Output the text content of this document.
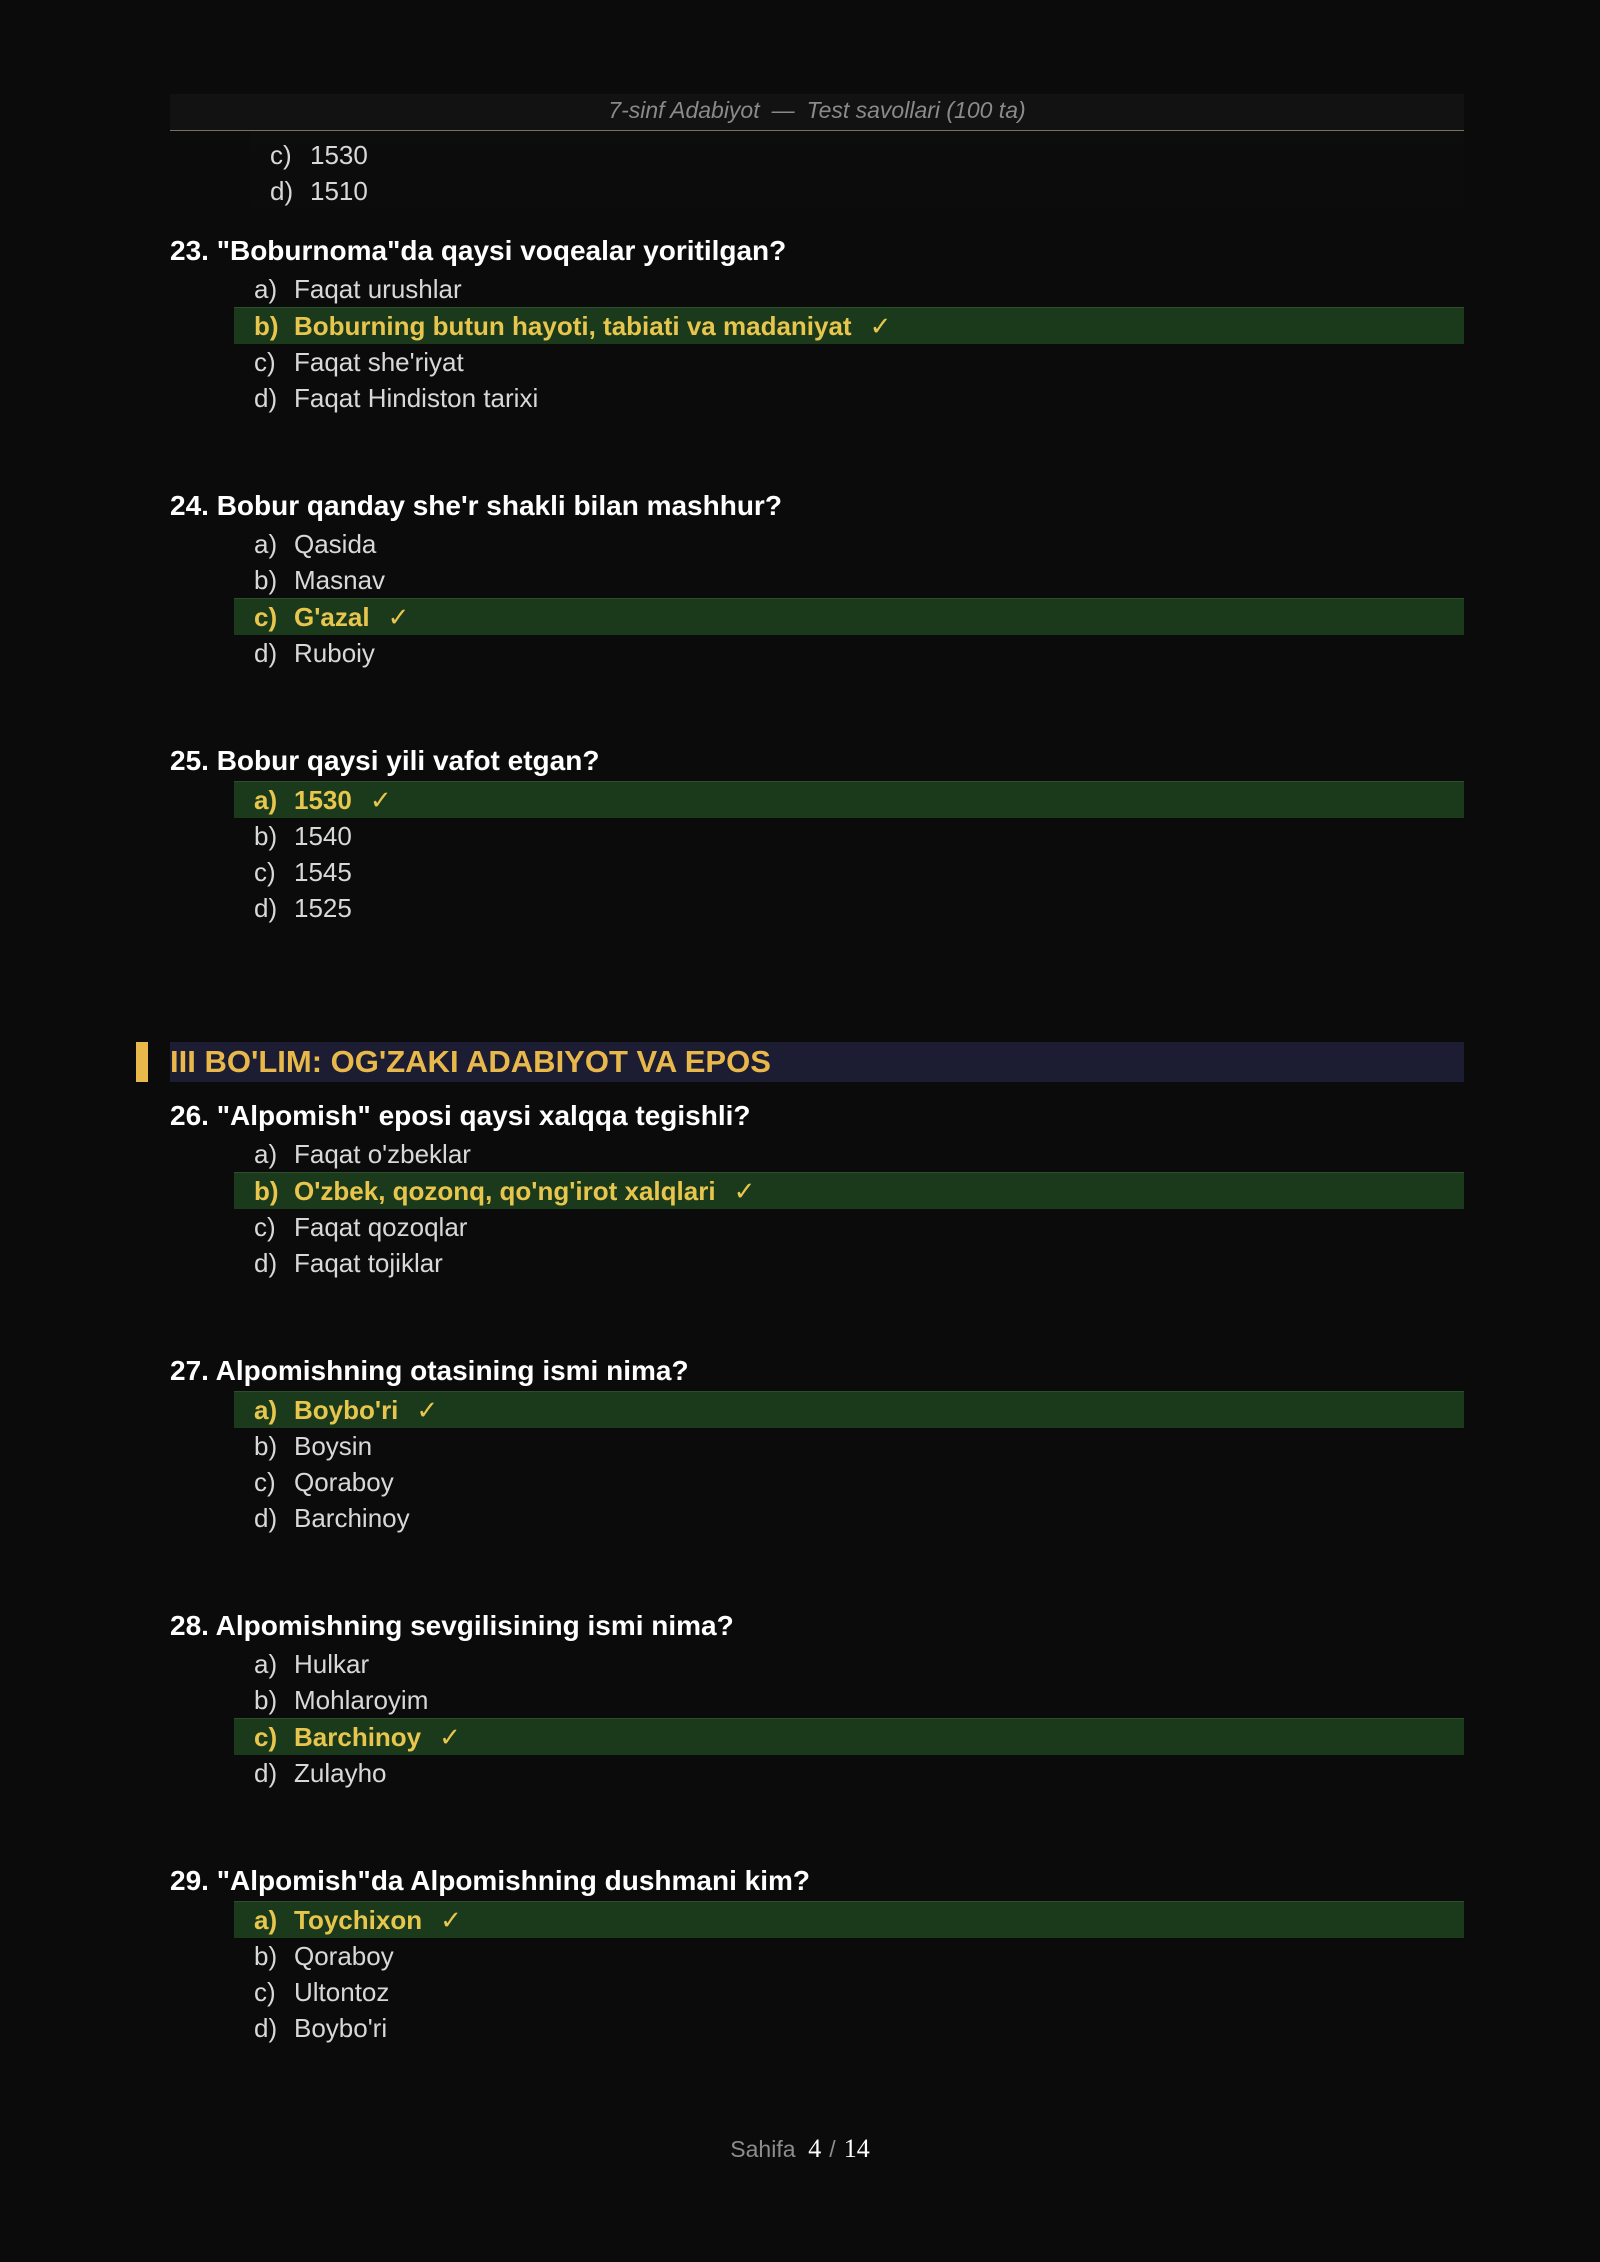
7-sinf Adabiyot — Test savollari (100 ta)
c) 1530
d) 1510
23. "Boburnoma"da qaysi voqealar yoritilgan?
a) Faqat urushlar
b) Boburning butun hayoti, tabiati va madaniyat ✓
c) Faqat she'riyat
d) Faqat Hindiston tarixi
24. Bobur qanday she'r shakli bilan mashhur?
a) Qasida
b) Masnav
c) G'azal ✓
d) Ruboiy
25. Bobur qaysi yili vafot etgan?
a) 1530 ✓
b) 1540
c) 1545
d) 1525
III BO'LIM: OG'ZAKI ADABIYOT VA EPOS
26. "Alpomish" eposi qaysi xalqqa tegishli?
a) Faqat o'zbeklar
b) O'zbek, qozonq, qo'ng'irot xalqlari ✓
c) Faqat qozoqlar
d) Faqat tojiklar
27. Alpomishning otasining ismi nima?
a) Boybo'ri ✓
b) Boysin
c) Qoraboy
d) Barchinoy
28. Alpomishning sevgilisining ismi nima?
a) Hulkar
b) Mohlaroyim
c) Barchinoy ✓
d) Zulayho
29. "Alpomish"da Alpomishning dushmani kim?
a) Toychixon ✓
b) Qoraboy
c) Ultontoz
d) Boybo'ri
Sahifa 4 / 14
